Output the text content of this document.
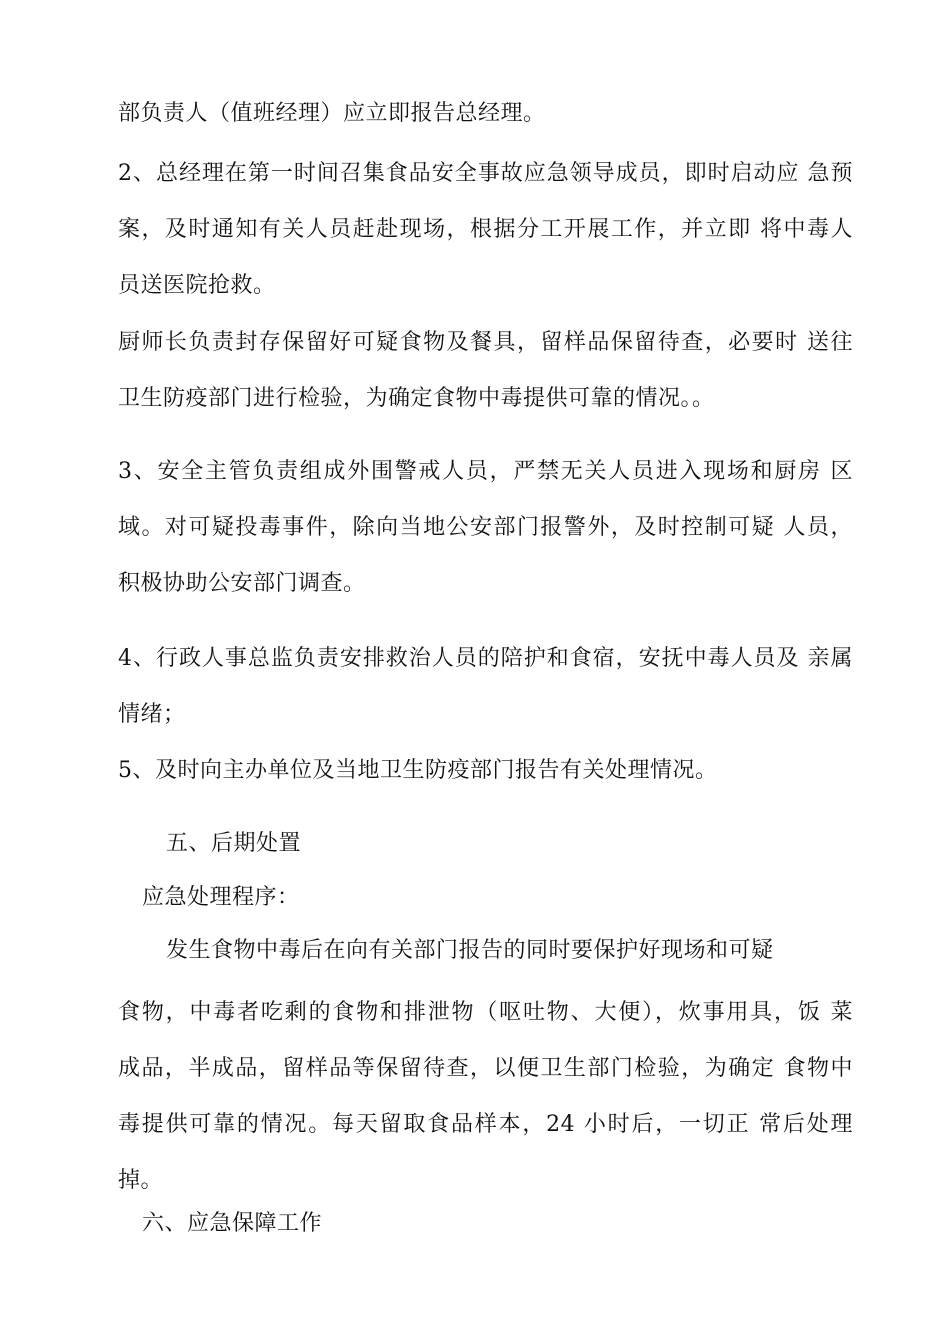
部负责人（值班经理）应立即报告总经理。
2、总经理在第一时间召集食品安全事故应急领导成员，即时启动应 急预
案，及时通知有关人员赶赴现场，根据分工开展工作，并立即 将中毒人
员送医院抢救。
厨师长负责封存保留好可疑食物及餐具，留样品保留待查，必要时 送往
卫生防疫部门进行检验，为确定食物中毒提供可靠的情况。。
3、安全主管负责组成外围警戒人员，严禁无关人员进入现场和厨房 区
域。对可疑投毒事件，除向当地公安部门报警外，及时控制可疑 人员，
积极协助公安部门调查。
4、行政人事总监负责安排救治人员的陪护和食宿，安抚中毒人员及 亲属
情绪；
5、及时向主办单位及当地卫生防疫部门报告有关处理情况。
五、后期处置
应急处理程序：
发生食物中毒后在向有关部门报告的同时要保护好现场和可疑
食物，中毒者吃剩的食物和排泄物（呕吐物、大便），炊事用具，饭 菜
成品，半成品，留样品等保留待查，以便卫生部门检验，为确定 食物中
毒提供可靠的情况。每天留取食品样本，24 小时后，一切正 常后处理
掉。
六、应急保障工作
